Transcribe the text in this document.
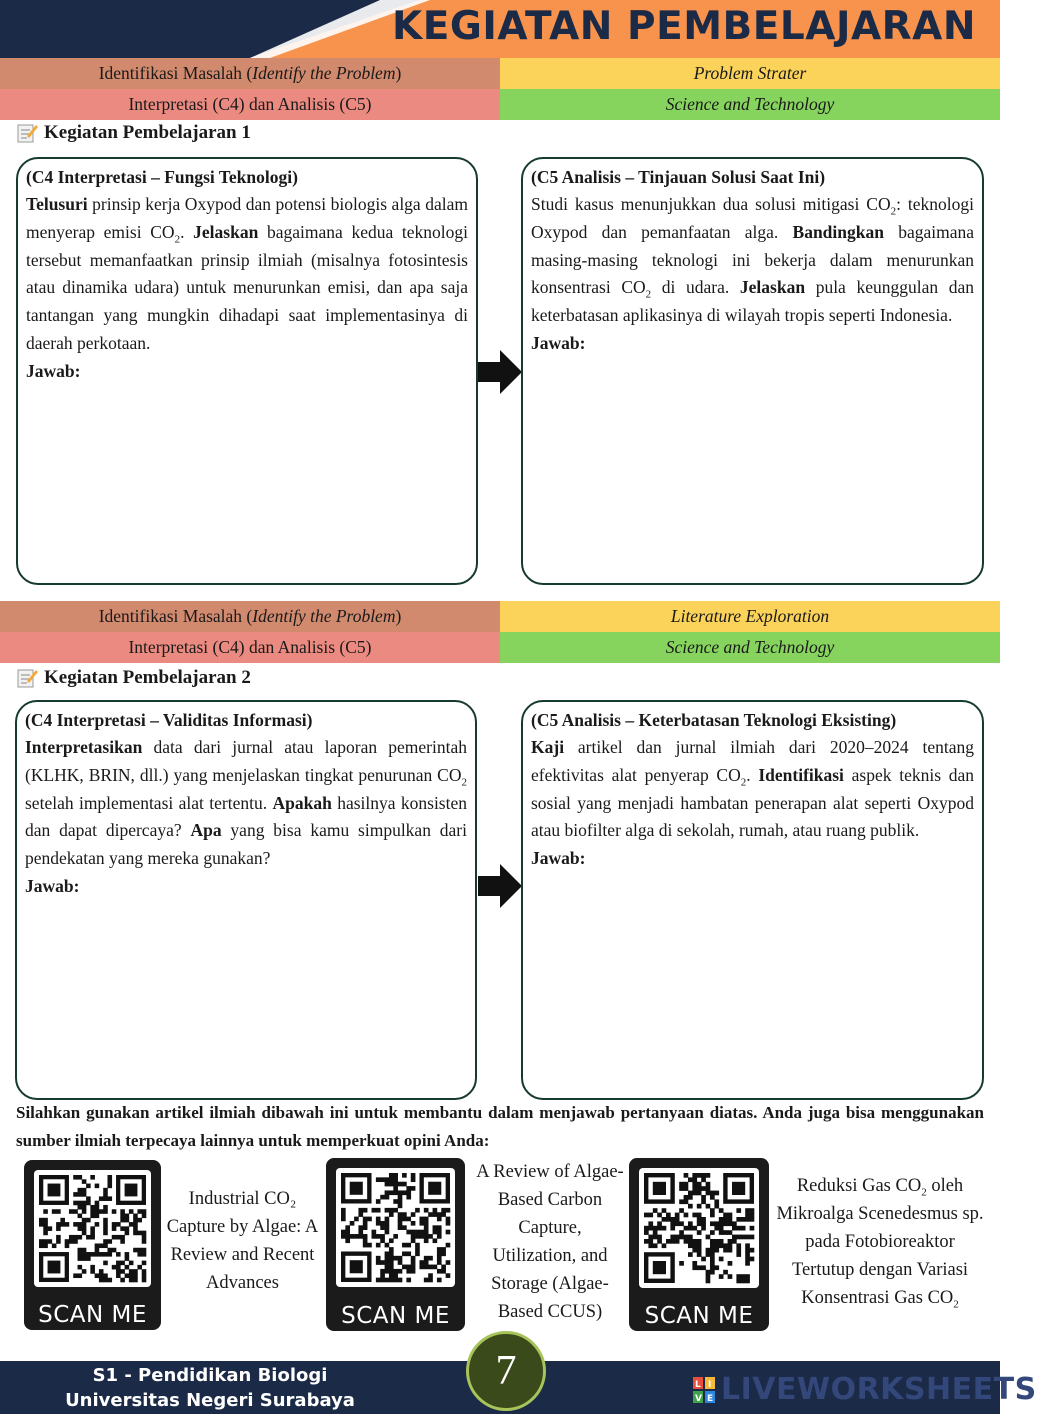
KEGIATAN PEMBELAJARAN
Identifikasi Masalah ( Identify the Problem )	Problem Strater
Interpretasi (C4) dan Analisis (C5)	Science and Technology
Kegiatan Pembelajaran 1
(C4 Interpretasi – Fungsi Teknologi)
Telusuri prinsip kerja Oxypod dan potensi biologis alga dalam menyerap emisi $CO_2$. Jelaskan bagaimana kedua teknologi tersebut memanfaatkan prinsip ilmiah (misalnya fotosintesis atau dinamika udara) untuk menurunkan emisi, dan apa saja tantangan yang mungkin dihadapi saat implementasinya di daerah perkotaan.
Jawab:
(C5 Analisis – Tinjauan Solusi Saat Ini)
Studi kasus menunjukkan dua solusi mitigasi $CO_2$: teknologi Oxypod dan pemanfaatan alga. Bandingkan bagaimana masing-masing teknologi ini bekerja dalam menurunkan konsentrasi $CO_2$ di udara. Jelaskan pula keunggulan dan keterbatasan aplikasinya di wilayah tropis seperti Indonesia.
Jawab:
Identifikasi Masalah ( Identify the Problem )	Literature Exploration
Interpretasi (C4) dan Analisis (C5)	Science and Technology
Kegiatan Pembelajaran 2
(C4 Interpretasi – Validitas Informasi)
Interpretasikan data dari jurnal atau laporan pemerintah (KLHK, BRIN, dll.) yang menjelaskan tingkat penurunan $CO_2$ setelah implementasi alat tertentu. Apakah hasilnya konsisten dan dapat dipercaya? Apa yang bisa kamu simpulkan dari pendekatan yang mereka gunakan?
Jawab:
(C5 Analisis – Keterbatasan Teknologi Eksisting)
Kaji artikel dan jurnal ilmiah dari 2020–2024 tentang efektivitas alat penyerap $CO_2$. Identifikasi aspek teknis dan sosial yang menjadi hambatan penerapan alat seperti Oxypod atau biofilter alga di sekolah, rumah, atau ruang publik.
Jawab:
Silahkan gunakan artikel ilmiah dibawah ini untuk membantu dalam menjawab pertanyaan diatas. Anda juga bisa menggunakan sumber ilmiah terpecaya lainnya untuk memperkuat opini Anda:
SCAN ME
Industrial CO₂ Capture by Algae: A Review and Recent Advances
SCAN ME
A Review of Algae-Based Carbon Capture, Utilization, and Storage (Algae-Based CCUS)	SCAN ME
Reduksi Gas $CO_2$ oleh Mikroalga Scenedesmus sp. pada Fotobioreaktor Tertutup dengan Variasi Konsentrasi Gas $CO_2$
S1 - Pendidikan Biologi
Universitas Negeri Surabaya
7	L I
V E LIVEWORKSHEETS
